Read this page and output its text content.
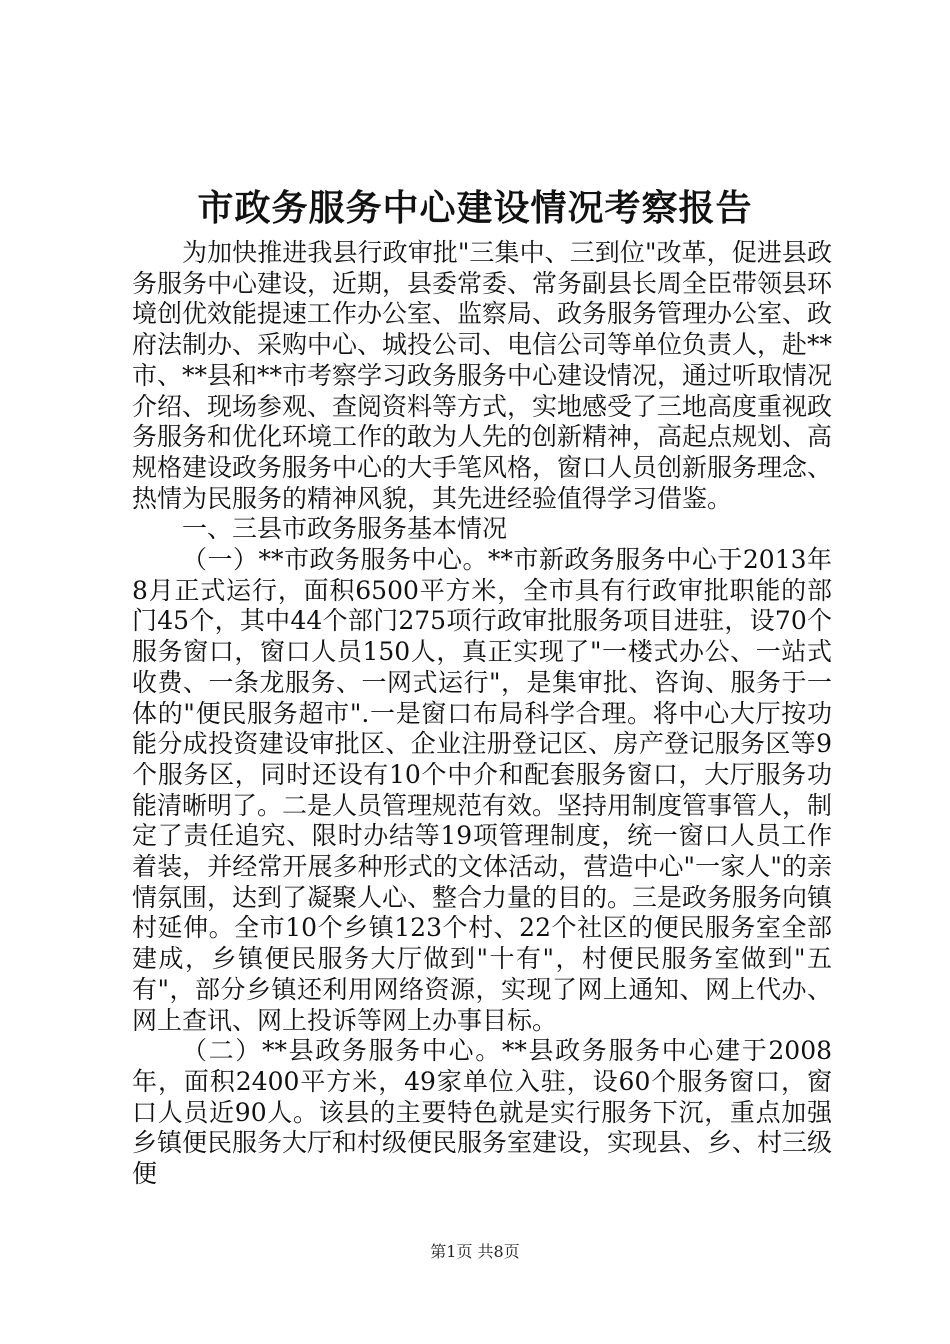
市政务服务中心建设情况考察报告

为加快推进我县行政审批"三集中、三到位"改革，促进县政务服务中心建设，近期，县委常委、常务副县长周全臣带领县环境创优效能提速工作办公室、监察局、政务服务管理办公室、政府法制办、采购中心、城投公司、电信公司等单位负责人，赴**市、**县和**市考察学习政务服务中心建设情况，通过听取情况介绍、现场参观、查阅资料等方式，实地感受了三地高度重视政务服务和优化环境工作的敢为人先的创新精神，高起点规划、高规格建设政务服务中心的大手笔风格，窗口人员创新服务理念、热情为民服务的精神风貌，其先进经验值得学习借鉴。

一、三县市政务服务基本情况

（一）**市政务服务中心。**市新政务服务中心于2013年8月正式运行，面积6500平方米，全市具有行政审批职能的部门45个，其中44个部门275项行政审批服务项目进驻，设70个服务窗口，窗口人员150人，真正实现了"一楼式办公、一站式收费、一条龙服务、一网式运行"，是集审批、咨询、服务于一体的"便民服务超市".一是窗口布局科学合理。将中心大厅按功能分成投资建设审批区、企业注册登记区、房产登记服务区等9个服务区，同时还设有10个中介和配套服务窗口，大厅服务功能清晰明了。二是人员管理规范有效。坚持用制度管事管人，制定了责任追究、限时办结等19项管理制度，统一窗口人员工作着装，并经常开展多种形式的文体活动，营造中心"一家人"的亲情氛围，达到了凝聚人心、整合力量的目的。三是政务服务向镇村延伸。全市10个乡镇123个村、22个社区的便民服务室全部建成，乡镇便民服务大厅做到"十有"，村便民服务室做到"五有"，部分乡镇还利用网络资源，实现了网上通知、网上代办、网上查讯、网上投诉等网上办事目标。

（二）**县政务服务中心。**县政务服务中心建于2008年，面积2400平方米，49家单位入驻，设60个服务窗口，窗口人员近90人。该县的主要特色就是实行服务下沉，重点加强乡镇便民服务大厅和村级便民服务室建设，实现县、乡、村三级便

第1页 共8页
